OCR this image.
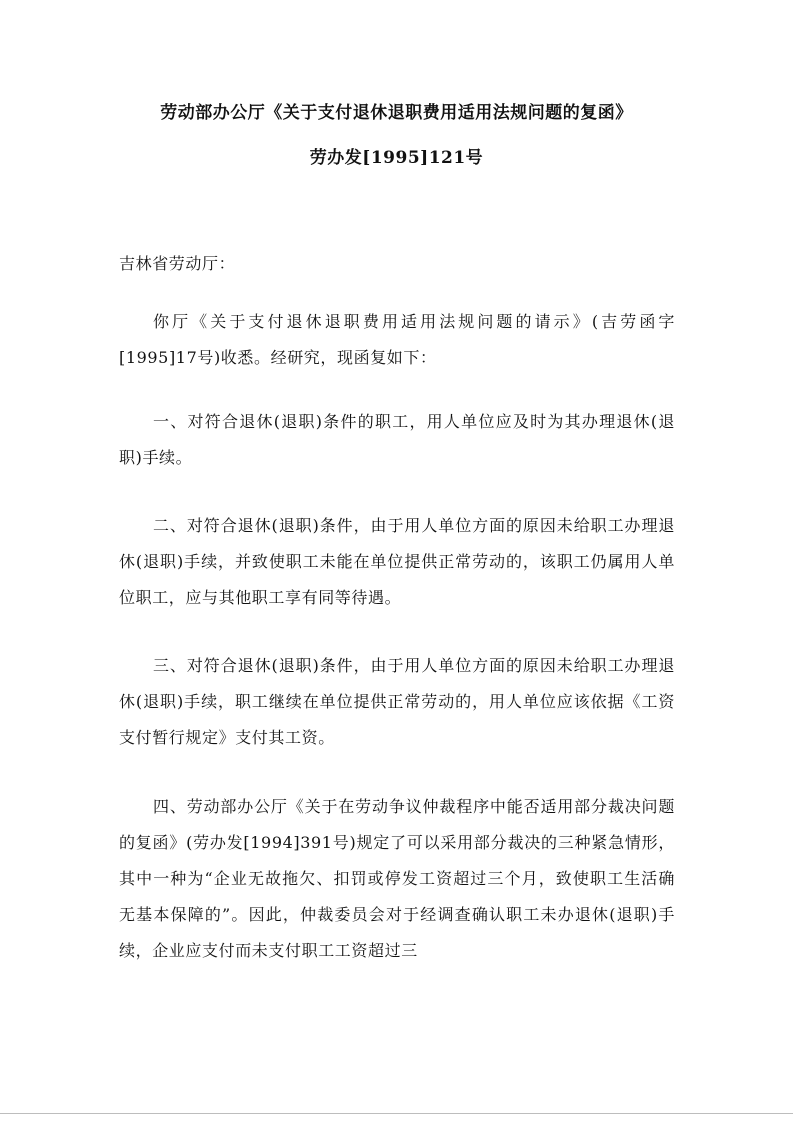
劳动部办公厅《关于支付退休退职费用适用法规问题的复函》
劳办发[1995]121号
吉林省劳动厅：
你厅《关于支付退休退职费用适用法规问题的请示》(吉劳函字[1995]17号)收悉。经研究，现函复如下：
一、对符合退休(退职)条件的职工，用人单位应及时为其办理退休(退职)手续。
二、对符合退休(退职)条件，由于用人单位方面的原因未给职工办理退休(退职)手续，并致使职工未能在单位提供正常劳动的，该职工仍属用人单位职工，应与其他职工享有同等待遇。
三、对符合退休(退职)条件，由于用人单位方面的原因未给职工办理退休(退职)手续，职工继续在单位提供正常劳动的，用人单位应该依据《工资支付暂行规定》支付其工资。
四、劳动部办公厅《关于在劳动争议仲裁程序中能否适用部分裁决问题的复函》(劳办发[1994]391号)规定了可以采用部分裁决的三种紧急情形，其中一种为“企业无故拖欠、扣罚或停发工资超过三个月，致使职工生活确无基本保障的”。因此，仲裁委员会对于经调查确认职工未办退休(退职)手续，企业应支付而未支付职工工资超过三
